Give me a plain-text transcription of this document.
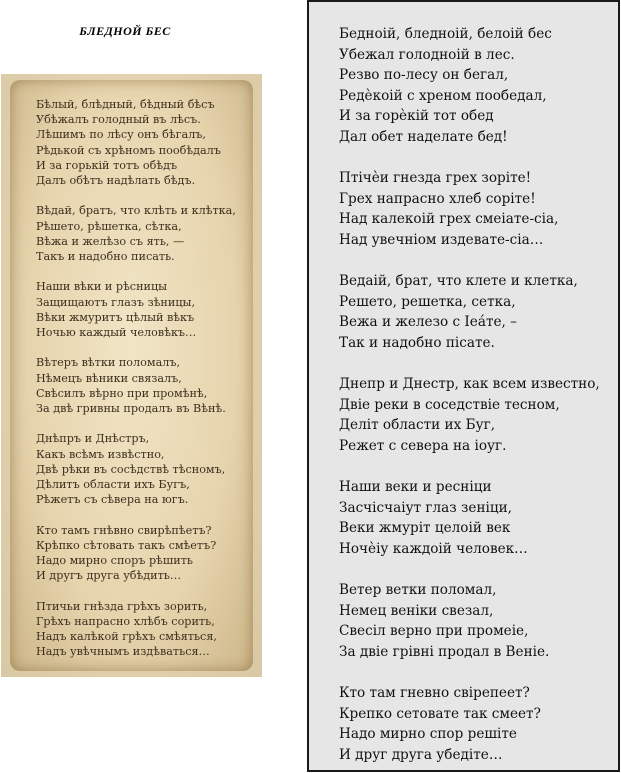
БЛЕДНОЙ БЕС
Бѣлый, блѣдный, бѣдный бѣсъ
Убѣжалъ голодный въ лѣсъ.
Лѣшимъ по лѣсу онъ бѣгалъ,
Рѣдькой съ хрѣномъ пообѣдалъ
И за горькій тотъ обѣдъ
Далъ обѣтъ надѣлать бѣдъ.
Вѣдай, братъ, что клѣть и клѣтка,
Рѣшето, рѣшетка, сѣтка,
Вѣжа и желѣзо съ ять, —
Такъ и надобно писать.
Наши вѣки и рѣсницы
Защищаютъ глазъ зѣницы,
Вѣки жмуритъ цѣлый вѣкъ
Ночью каждый человѣкъ…
Вѣтеръ вѣтки поломалъ,
Нѣмецъ вѣники связалъ,
Свѣсилъ вѣрно при промѣнѣ,
За двѣ гривны продалъ въ Вѣнѣ.
Днѣпръ и Днѣстръ,
Какъ всѣмъ извѣстно,
Двѣ рѣки въ сосѣдствѣ тѣсномъ,
Дѣлитъ области ихъ Бугъ,
Рѣжетъ съ сѣвера на югъ.
Кто тамъ гнѣвно свирѣпѣетъ?
Крѣпко сѣтовать такъ смѣетъ?
Надо мирно споръ рѣшить
И другъ друга убѣдить…
Птичьи гнѣзда грѣхъ зорить,
Грѣхъ напрасно хлѣбъ сорить,
Надъ калѣкой грѣхъ смѣяться,
Надъ увѣчнымъ издѣваться…
Бедноій, бледноій, белоій бес
Убежал голодноій в лес.
Резво по-лесу он бегал,
Редѐкоій с хреном пообедал,
И за горѐкій тот обед
Дал обет наделате бед!
Птічѐи гнезда грех зоріте!
Грех напрасно хлеб соріте!
Над калекоій грех смеіате-сіа,
Над увечніом издевате-сіа…
Ведаій, брат, что клете и клетка,
Решето, решетка, сетка,
Вежа и железо с Іеáте, –
Так и надобно пісате.
Днепр и Днестр, как всем известно,
Двіе реки в соседствіе тесном,
Деліт области их Буг,
Режет с севера на іоуг.
Наши веки и ресніци
Засчісчаіут глаз зеніци,
Веки жмуріт целоій век
Ночѐіу каждоій человек…
Ветер ветки поломал,
Немец веніки свезал,
Свесіл верно при промеіе,
За двіе грівні продал в Веніе.
Кто там гневно свірепеет?
Крепко сетовате так смеет?
Надо мирно спор решіте
И друг друга убедіте…
